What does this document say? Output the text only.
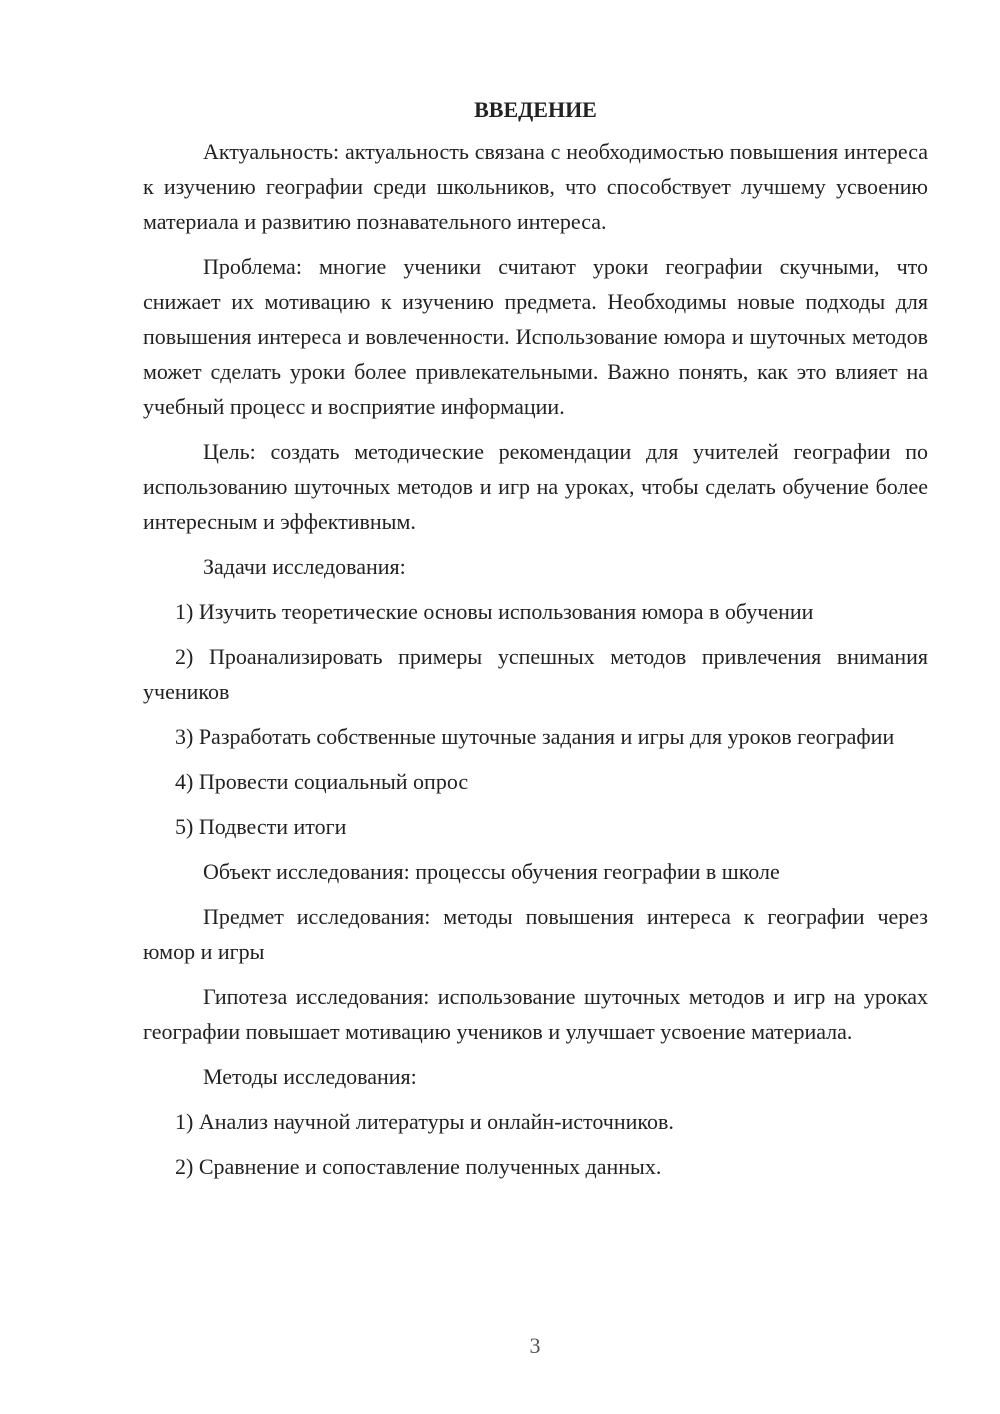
ВВЕДЕНИЕ

Актуальность: актуальность связана с необходимостью повышения интереса к изучению географии среди школьников, что способствует лучшему усвоению материала и развитию познавательного интереса.

Проблема: многие ученики считают уроки географии скучными, что снижает их мотивацию к изучению предмета. Необходимы новые подходы для повышения интереса и вовлеченности. Использование юмора и шуточных методов может сделать уроки более привлекательными. Важно понять, как это влияет на учебный процесс и восприятие информации.

Цель: создать методические рекомендации для учителей географии по использованию шуточных методов и игр на уроках, чтобы сделать обучение более интересным и эффективным.

Задачи исследования:

1) Изучить теоретические основы использования юмора в обучении

2) Проанализировать примеры успешных методов привлечения внимания учеников

3) Разработать собственные шуточные задания и игры для уроков географии

4) Провести социальный опрос

5) Подвести итоги

Объект исследования: процессы обучения географии в школе

Предмет исследования: методы повышения интереса к географии через юмор и игры

Гипотеза исследования: использование шуточных методов и игр на уроках географии повышает мотивацию учеников и улучшает усвоение материала.

Методы исследования:

1) Анализ научной литературы и онлайн-источников.

2) Сравнение и сопоставление полученных данных.

3
